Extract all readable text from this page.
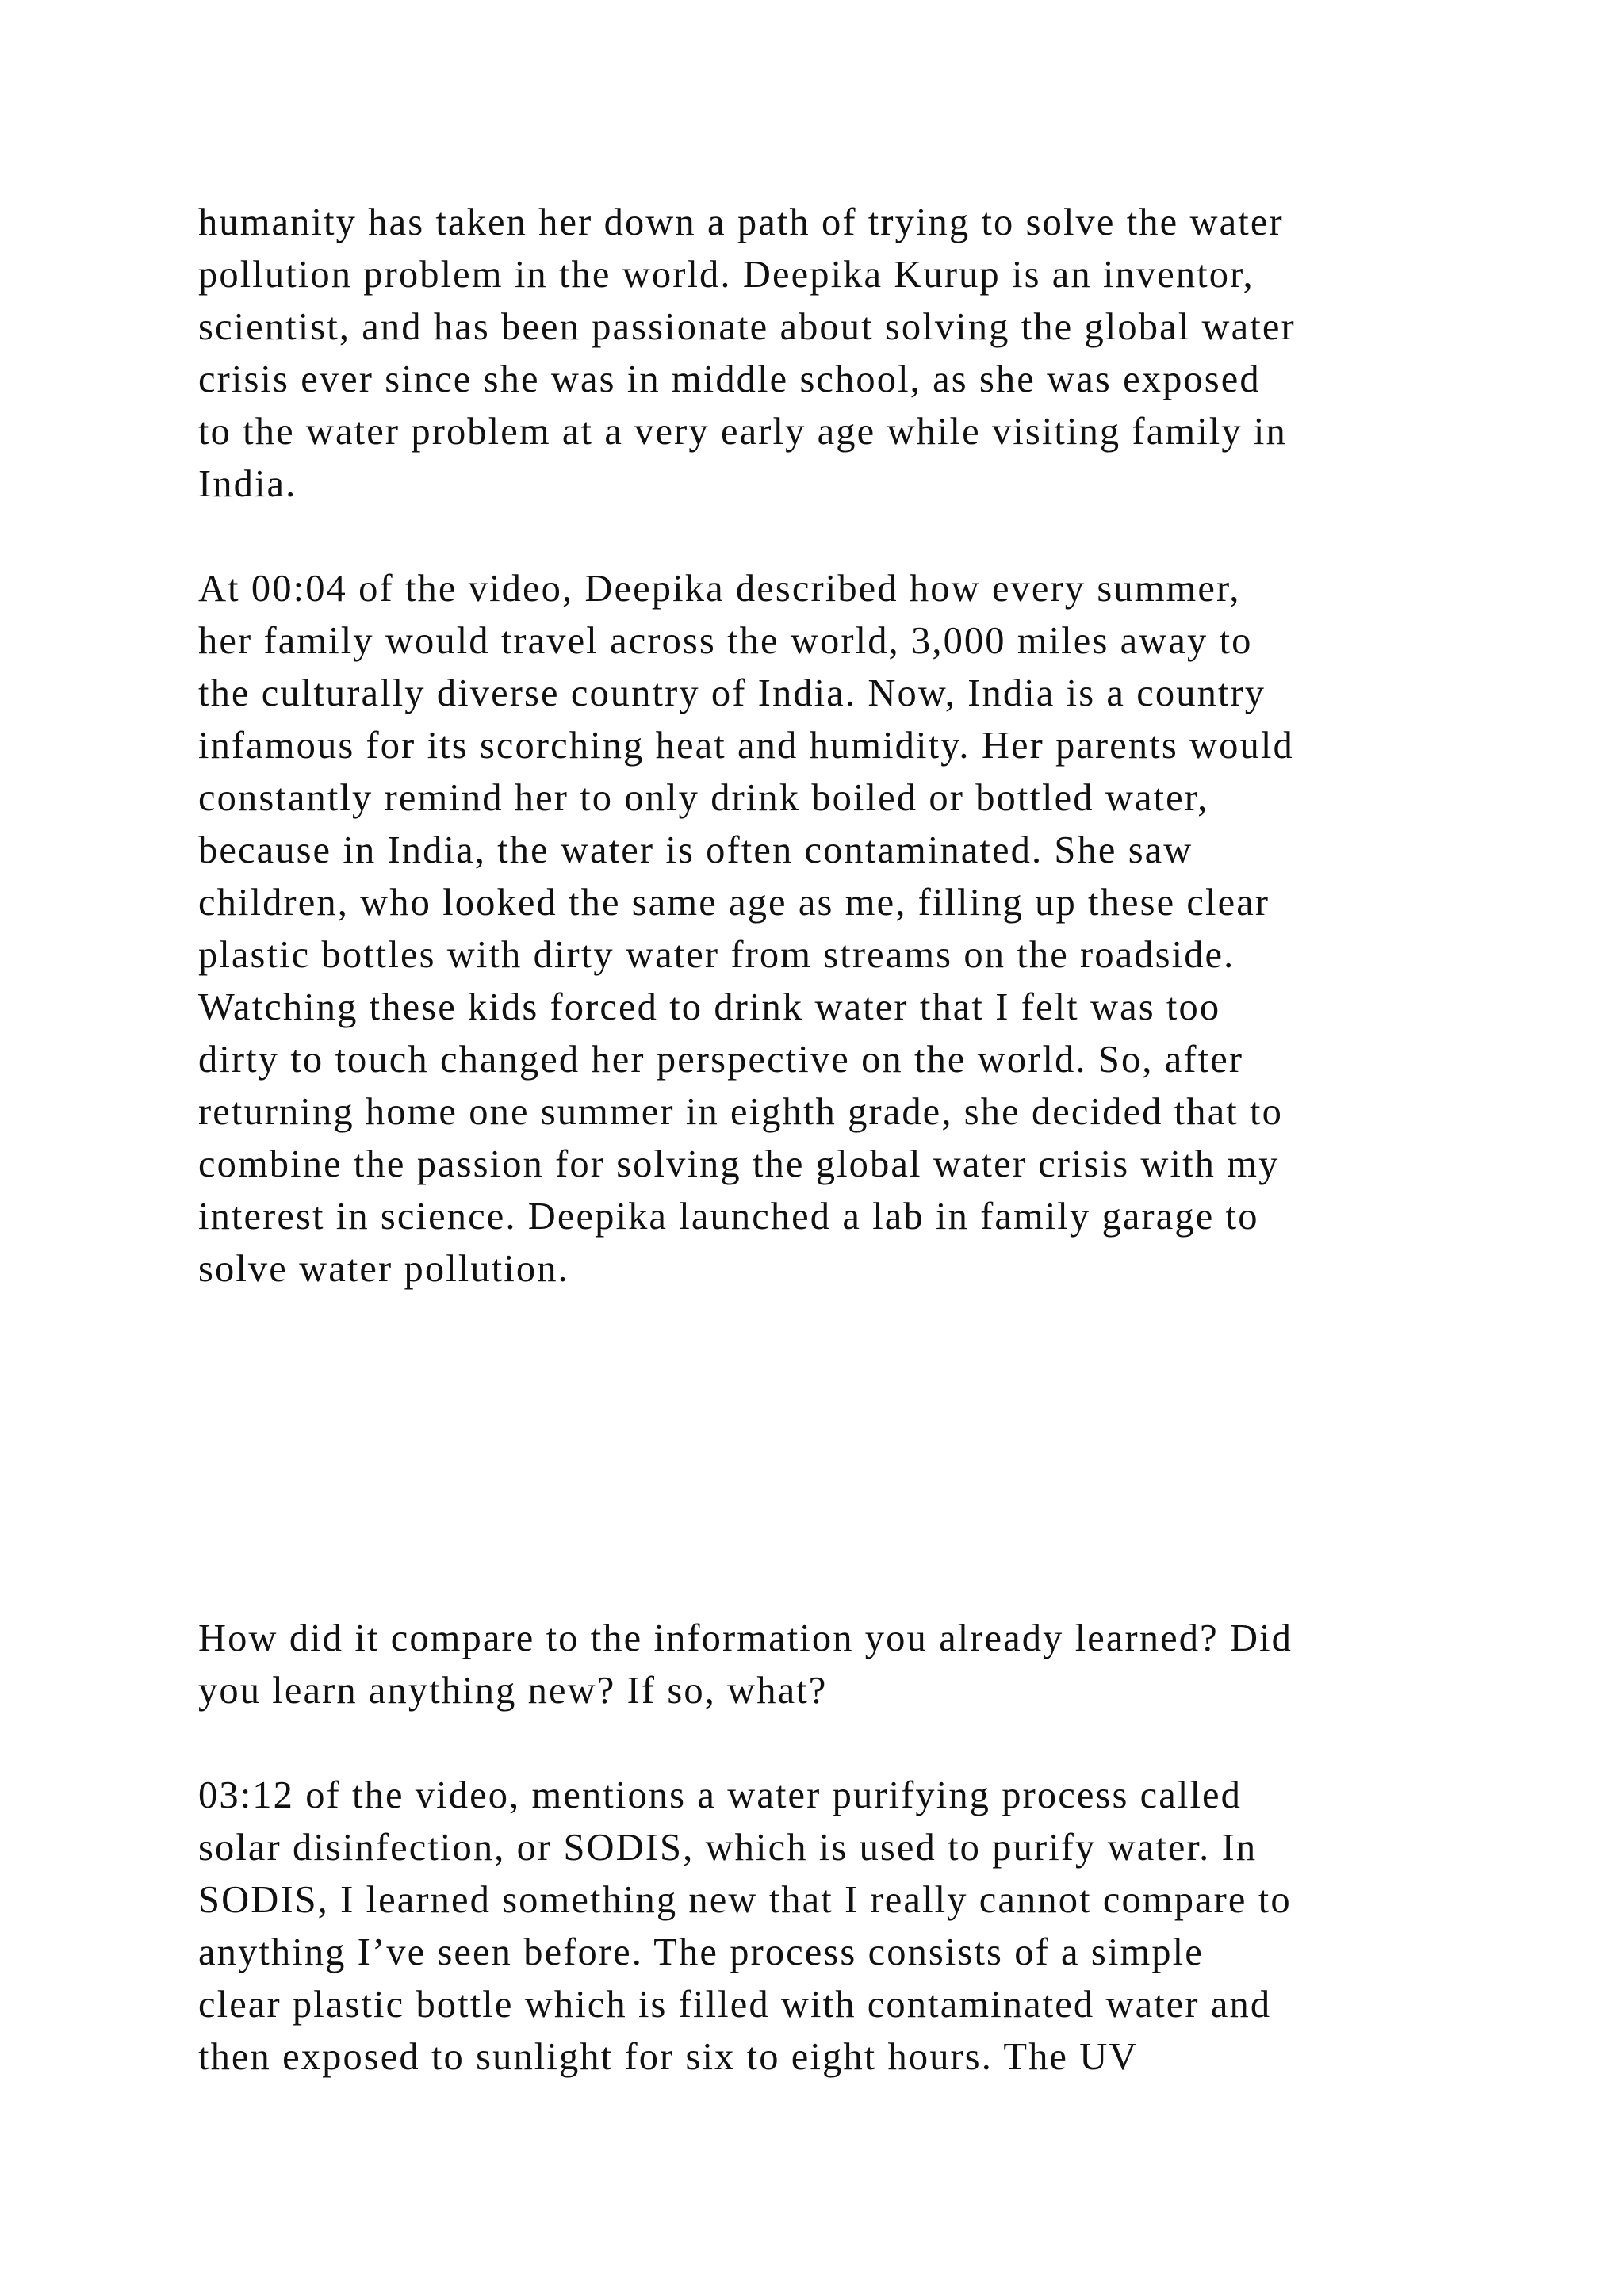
humanity has taken her down a path of trying to solve the water
pollution problem in the world. Deepika Kurup is an inventor,
scientist, and has been passionate about solving the global water
crisis ever since she was in middle school, as she was exposed
to the water problem at a very early age while visiting family in
India.

At 00:04 of the video, Deepika described how every summer,
her family would travel across the world, 3,000 miles away to
the culturally diverse country of India. Now, India is a country
infamous for its scorching heat and humidity. Her parents would
constantly remind her to only drink boiled or bottled water,
because in India, the water is often contaminated. She saw
children, who looked the same age as me, filling up these clear
plastic bottles with dirty water from streams on the roadside.
Watching these kids forced to drink water that I felt was too
dirty to touch changed her perspective on the world. So, after
returning home one summer in eighth grade, she decided that to
combine the passion for solving the global water crisis with my
interest in science. Deepika launched a lab in family garage to
solve water pollution.

How did it compare to the information you already learned? Did
you learn anything new? If so, what?

03:12 of the video, mentions a water purifying process called
solar disinfection, or SODIS, which is used to purify water. In
SODIS, I learned something new that I really cannot compare to
anything I’ve seen before. The process consists of a simple
clear plastic bottle which is filled with contaminated water and
then exposed to sunlight for six to eight hours. The UV
